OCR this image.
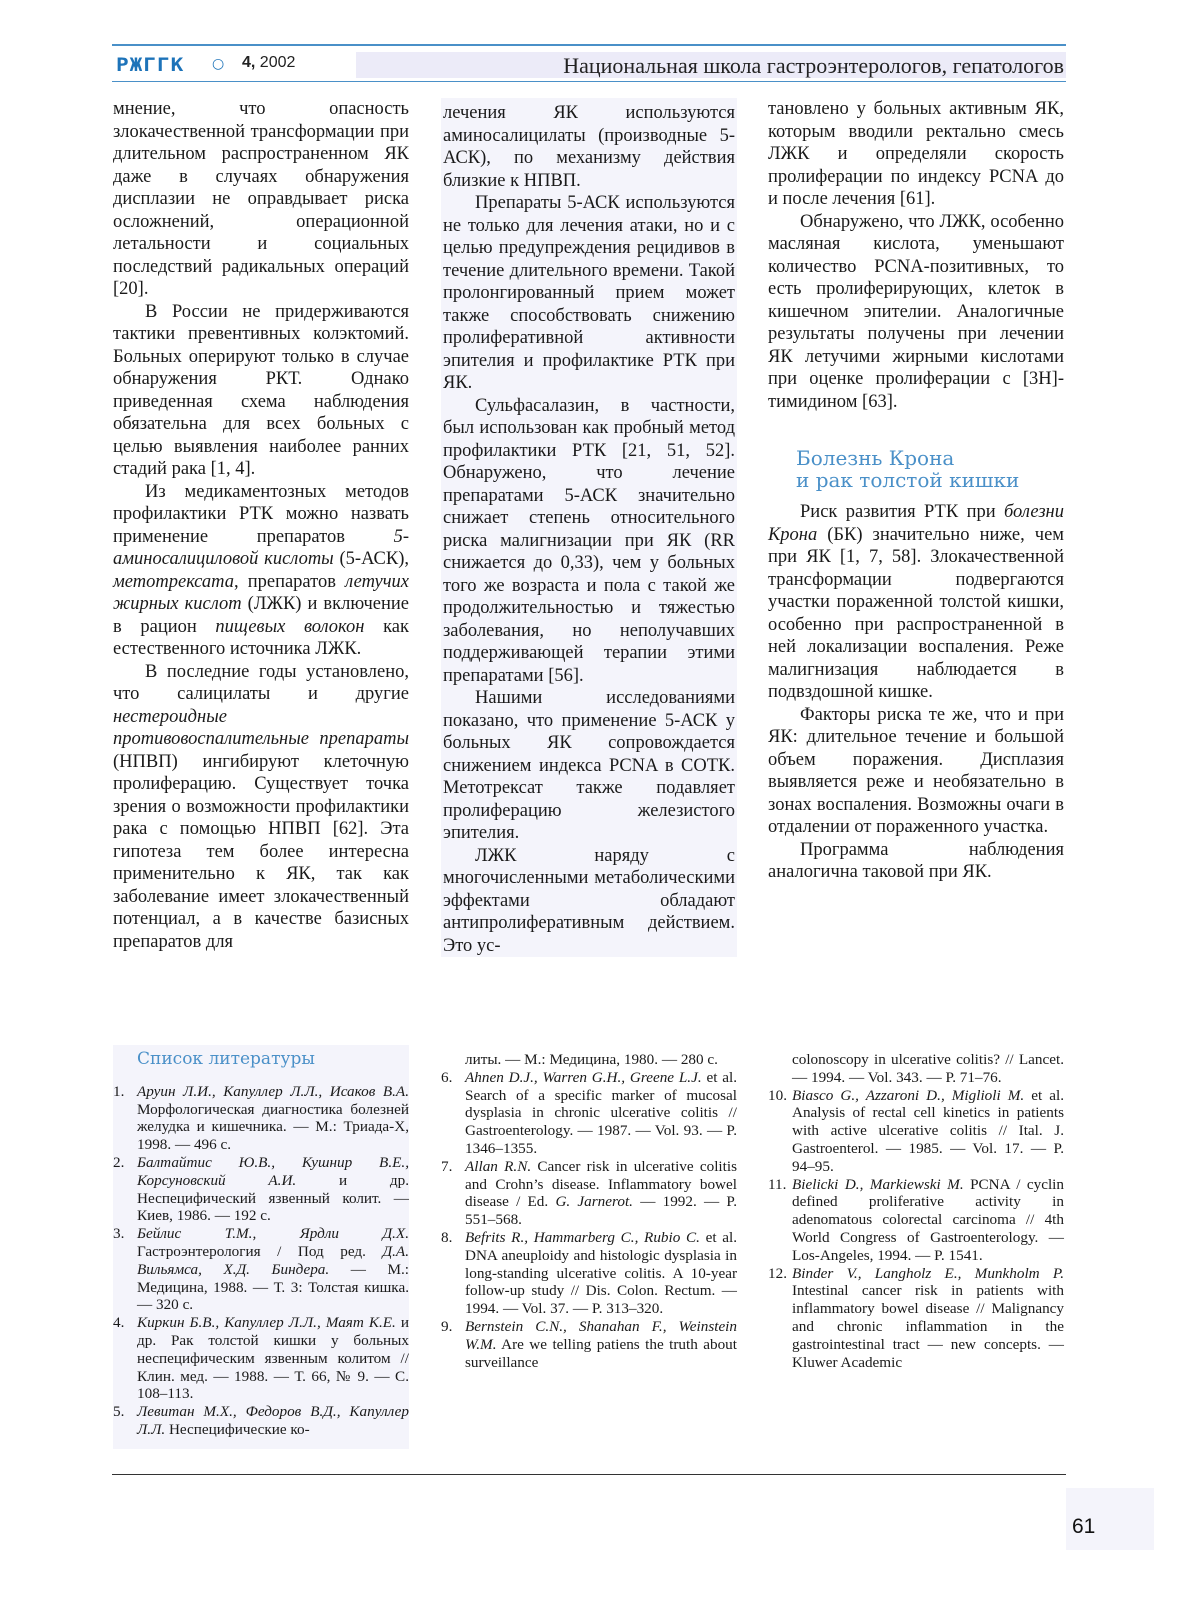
РЖГГК ○ 4, 2002	Национальная школа гастроэнтерологов, гепатологов

мнение, что опасность злокачественной трансформации при длительном распространенном ЯК даже в случаях обнаружения дисплазии не оправдывает риска осложнений, операционной летальности и социальных последствий радикальных операций [20].

В России не придерживаются тактики превентивных колэктомий. Больных оперируют только в случае обнаружения РКТ. Однако приведенная схема наблюдения обязательна для всех больных с целью выявления наиболее ранних стадий рака [1, 4].

Из медикаментозных методов профилактики РТК можно назвать применение препаратов 5-аминосалициловой кислоты (5-АСК), метотрексата, препаратов летучих жирных кислот (ЛЖК) и включение в рацион пищевых волокон как естественного источника ЛЖК.

В последние годы установлено, что салицилаты и другие нестероидные противовоспалительные препараты (НПВП) ингибируют клеточную пролиферацию. Существует точка зрения о возможности профилактики рака с помощью НПВП [62]. Эта гипотеза тем более интересна применительно к ЯК, так как заболевание имеет злокачественный потенциал, а в качестве базисных препаратов для

лечения ЯК используются аминосалицилаты (производные 5-АСК), по механизму действия близкие к НПВП.

Препараты 5-АСК используются не только для лечения атаки, но и с целью предупреждения рецидивов в течение длительного времени. Такой пролонгированный прием может также способствовать снижению пролиферативной активности эпителия и профилактике РТК при ЯК.

Сульфасалазин, в частности, был использован как пробный метод профилактики РТК [21, 51, 52]. Обнаружено, что лечение препаратами 5-АСК значительно снижает степень относительного риска малигнизации при ЯК (RR снижается до 0,33), чем у больных того же возраста и пола с такой же продолжительностью и тяжестью заболевания, но неполучавших поддерживающей терапии этими препаратами [56].

Нашими исследованиями показано, что применение 5-АСК у больных ЯК сопровождается снижением индекса PCNA в СОТК. Метотрексат также подавляет пролиферацию железистого эпителия.

ЛЖК наряду с многочисленными метаболическими эффектами обладают антипролиферативным действием. Это ус-

тановлено у больных активным ЯК, которым вводили ректально смесь ЛЖК и определяли скорость пролиферации по индексу PCNA до и после лечения [61].

Обнаружено, что ЛЖК, особенно масляная кислота, уменьшают количество PCNA-позитивных, то есть пролиферирующих, клеток в кишечном эпителии. Аналогичные результаты получены при лечении ЯК летучими жирными кислотами при оценке пролиферации с [3H]-тимидином [63].

Болезнь Крона
и рак толстой кишки

Риск развития РТК при болезни Крона (БК) значительно ниже, чем при ЯК [1, 7, 58]. Злокачественной трансформации подвергаются участки пораженной толстой кишки, особенно при распространенной в ней локализации воспаления. Реже малигнизация наблюдается в подвздошной кишке.

Факторы риска те же, что и при ЯК: длительное течение и большой объем поражения. Дисплазия выявляется реже и необязательно в зонах воспаления. Возможны очаги в отдалении от пораженного участка.

Программа наблюдения аналогична таковой при ЯК.

Список литературы
1. Аруин Л.И., Капуллер Л.Л., Исаков В.А. Морфологическая диагностика болезней желудка и кишечника. — М.: Триада-Х, 1998. — 496 с.
2. Балтайтис Ю.В., Кушнир В.Е., Корсуновский А.И. и др. Неспецифический язвенный колит. — Киев, 1986. — 192 с.
3. Бейлис Т.М., Ярдли Д.Х. Гастроэнтерология / Под ред. Д.А. Вильямса, Х.Д. Биндера. — М.: Медицина, 1988. — Т. 3: Толстая кишка. — 320 с.
4. Киркин Б.В., Капуллер Л.Л., Маят К.Е. и др. Рак толстой кишки у больных неспецифическим язвенным колитом // Клин. мед. — 1988. — Т. 66, № 9. — С. 108–113.
5. Левитан М.Х., Федоров В.Д., Капуллер Л.Л. Неспецифические ко-
литы. — М.: Медицина, 1980. — 280 с.
6. Ahnen D.J., Warren G.H., Greene L.J. et al. Search of a specific marker of mucosal dysplasia in chronic ulcerative colitis // Gastroenterology. — 1987. — Vol. 93. — P. 1346–1355.
7. Allan R.N. Cancer risk in ulcerative colitis and Crohn’s disease. Inflammatory bowel disease / Ed. G. Jarnerot. — 1992. — P. 551–568.
8. Befrits R., Hammarberg C., Rubio C. et al. DNA aneuploidy and histologic dysplasia in long-standing ulcerative colitis. A 10-year follow-up study // Dis. Colon. Rectum. — 1994. — Vol. 37. — P. 313–320.
9. Bernstein C.N., Shanahan F., Weinstein W.M. Are we telling patiens the truth about surveillance
colonoscopy in ulcerative colitis? // Lancet. — 1994. — Vol. 343. — P. 71–76.
10. Biasco G., Azzaroni D., Miglioli M. et al. Analysis of rectal cell kinetics in patients with active ulcerative colitis // Ital. J. Gastroenterol. — 1985. — Vol. 17. — P. 94–95.
11. Bielicki D., Markiewski M. PCNA / cyclin defined proliferative activity in adenomatous colorectal carcinoma // 4th World Congress of Gastroenterology. — Los-Angeles, 1994. — P. 1541.
12. Binder V., Langholz E., Munkholm P. Intestinal cancer risk in patients with inflammatory bowel disease // Malignancy and chronic inflammation in the gastrointestinal tract — new concepts. — Kluwer Academic
61
